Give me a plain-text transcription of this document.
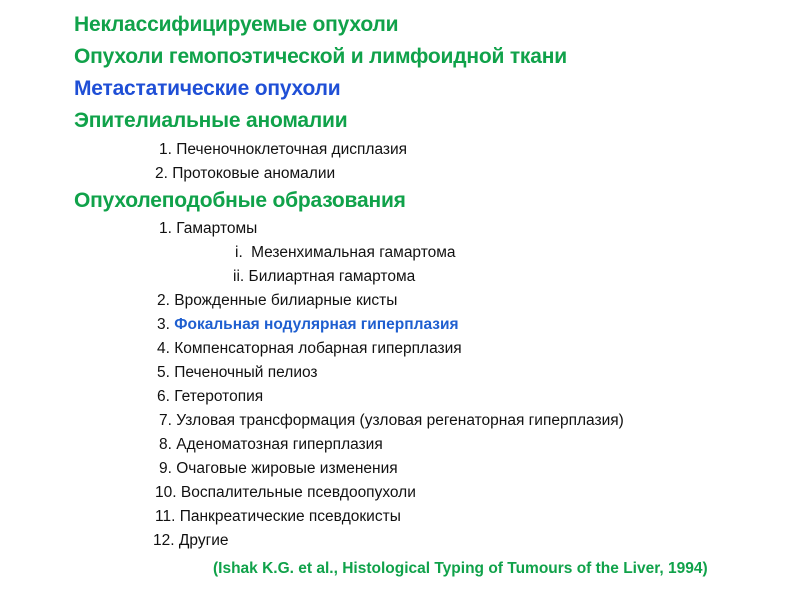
Неклассифицируемые опухоли
Опухоли гемопоэтической и лимфоидной ткани
Метастатические опухоли
Эпителиальные аномалии
1. Печеночноклеточная дисплазия
2. Протоковые аномалии
Опухолеподобные образования
1. Гамартомы
i. Мезенхимальная гамартома
ii. Билиартная гамартома
2. Врожденные билиарные кисты
3. Фокальная нодулярная гиперплазия
4. Компенсаторная лобарная гиперплазия
5. Печеночный пелиоз
6. Гетеротопия
7. Узловая трансформация (узловая регенаторная гиперплазия)
8. Аденоматозная гиперплазия
9. Очаговые жировые изменения
10. Воспалительные псевдоопухоли
11. Панкреатические псевдокисты
12. Другие
(Ishak K.G. et al., Histological Typing of Tumours of the Liver, 1994)
